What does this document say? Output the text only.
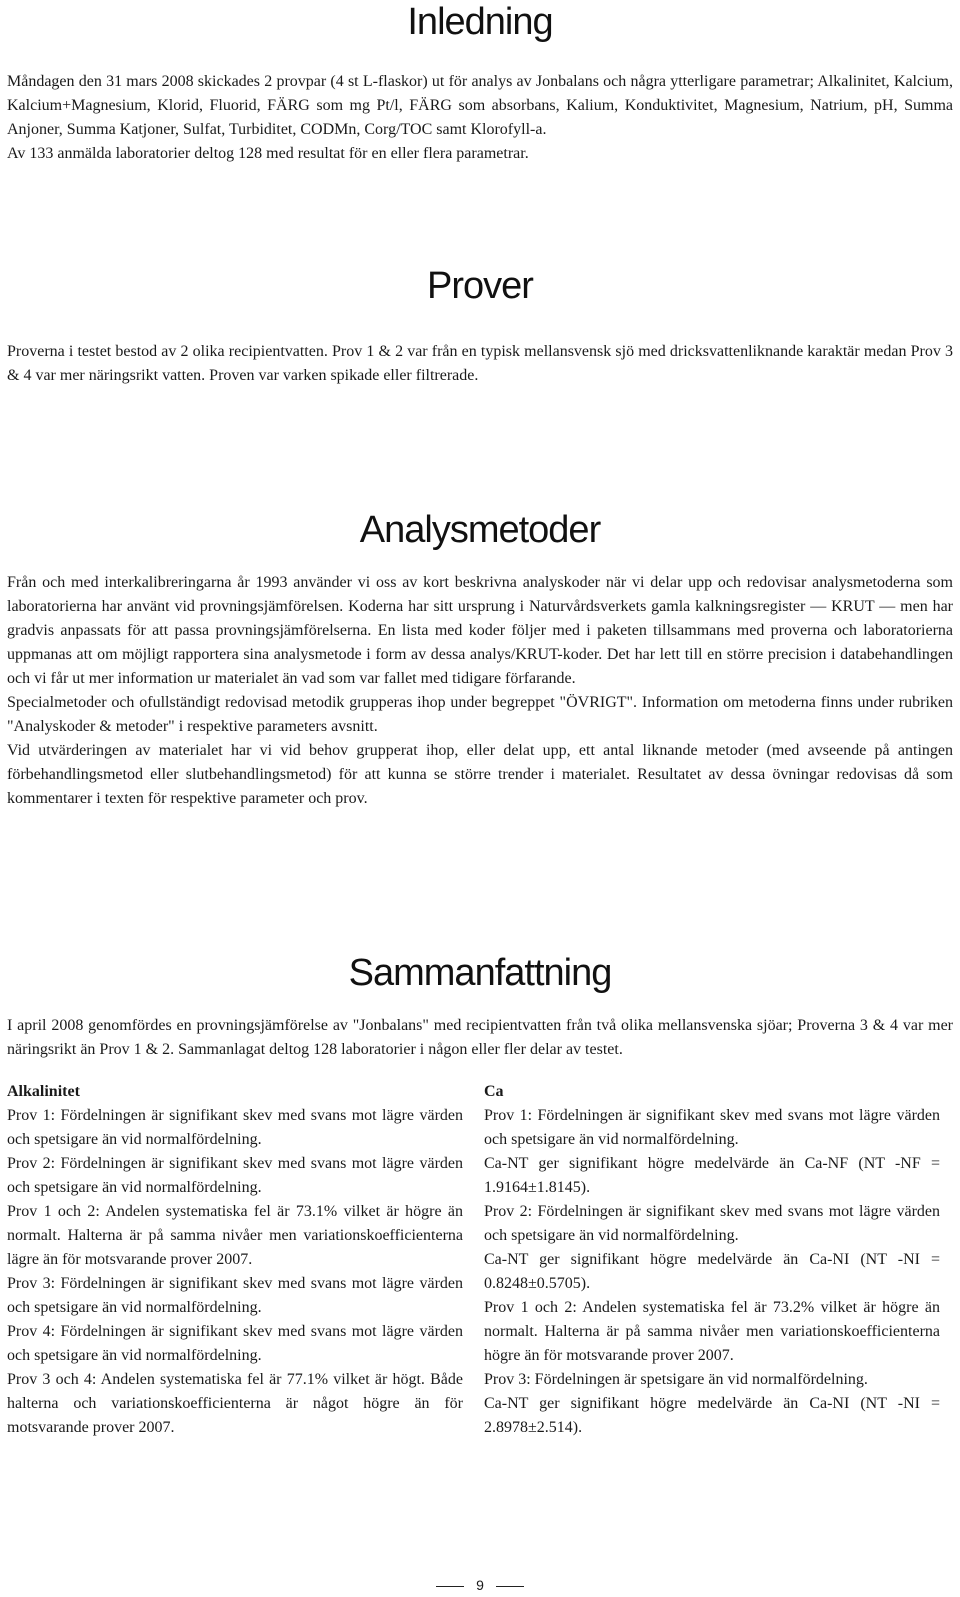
Inledning

Måndagen den 31 mars 2008 skickades 2 provpar (4 st L-flaskor) ut för analys av Jonbalans och några ytterligare parametrar; Alkalinitet, Kalcium, Kalcium+Magnesium, Klorid, Fluorid, FÄRG som mg Pt/l, FÄRG som absorbans, Kalium, Konduktivitet, Magnesium, Natrium, pH, Summa Anjoner, Summa Katjoner, Sulfat, Turbiditet, CODMn, Corg/TOC samt Klorofyll-a.

Av 133 anmälda laboratorier deltog 128 med resultat för en eller flera parametrar.

Prover

Proverna i testet bestod av 2 olika recipientvatten. Prov 1 & 2 var från en typisk mellansvensk sjö med dricksvattenliknande karaktär medan Prov 3 & 4 var mer näringsrikt vatten. Proven var varken spikade eller filtrerade.

Analysmetoder

Från och med interkalibreringarna år 1993 använder vi oss av kort beskrivna analyskoder när vi delar upp och redovisar analysmetoderna som laboratorierna har använt vid provningsjämförelsen. Koderna har sitt ursprung i Naturvårdsverkets gamla kalkningsregister — KRUT — men har gradvis anpassats för att passa provningsjämförelserna. En lista med koder följer med i paketen tillsammans med proverna och laboratorierna uppmanas att om möjligt rapportera sina analysmetode i form av dessa analys/KRUT-koder. Det har lett till en större precision i databehandlingen och vi får ut mer information ur materialet än vad som var fallet med tidigare förfarande.

Specialmetoder och ofullständigt redovisad metodik grupperas ihop under begreppet "ÖVRIGT". Information om metoderna finns under rubriken "Analyskoder & metoder" i respektive parameters avsnitt.

Vid utvärderingen av materialet har vi vid behov grupperat ihop, eller delat upp, ett antal liknande metoder (med avseende på antingen förbehandlingsmetod eller slutbehandlingsmetod) för att kunna se större trender i materialet. Resultatet av dessa övningar redovisas då som kommentarer i texten för respektive parameter och prov.

Sammanfattning

I april 2008 genomfördes en provningsjämförelse av "Jonbalans" med recipientvatten från två olika mellansvenska sjöar; Proverna 3 & 4 var mer näringsrikt än Prov 1 & 2. Sammanlagat deltog 128 laboratorier i någon eller fler delar av testet.

Alkalinitet

Prov 1: Fördelningen är signifikant skev med svans mot lägre värden och spetsigare än vid normalfördelning.

Prov 2: Fördelningen är signifikant skev med svans mot lägre värden och spetsigare än vid normalfördelning.

Prov 1 och 2: Andelen systematiska fel är 73.1% vilket är högre än normalt. Halterna är på samma nivåer men variationskoefficienterna lägre än för motsvarande prover 2007.

Prov 3: Fördelningen är signifikant skev med svans mot lägre värden och spetsigare än vid normalfördelning.

Prov 4: Fördelningen är signifikant skev med svans mot lägre värden och spetsigare än vid normalfördelning.

Prov 3 och 4: Andelen systematiska fel är 77.1% vilket är högt. Både halterna och variationskoefficienterna är något högre än för motsvarande prover 2007.

Ca

Prov 1: Fördelningen är signifikant skev med svans mot lägre värden och spetsigare än vid normalfördelning.

Ca-NT ger signifikant högre medelvärde än Ca-NF (NT -NF = 1.9164±1.8145).

Prov 2: Fördelningen är signifikant skev med svans mot lägre värden och spetsigare än vid normalfördelning.

Ca-NT ger signifikant högre medelvärde än Ca-NI (NT -NI = 0.8248±0.5705).

Prov 1 och 2: Andelen systematiska fel är 73.2% vilket är högre än normalt. Halterna är på samma nivåer men variationskoefficienterna högre än för motsvarande prover 2007.

Prov 3: Fördelningen är spetsigare än vid normalfördelning.

Ca-NT ger signifikant högre medelvärde än Ca-NI (NT -NI = 2.8978±2.514).

9
